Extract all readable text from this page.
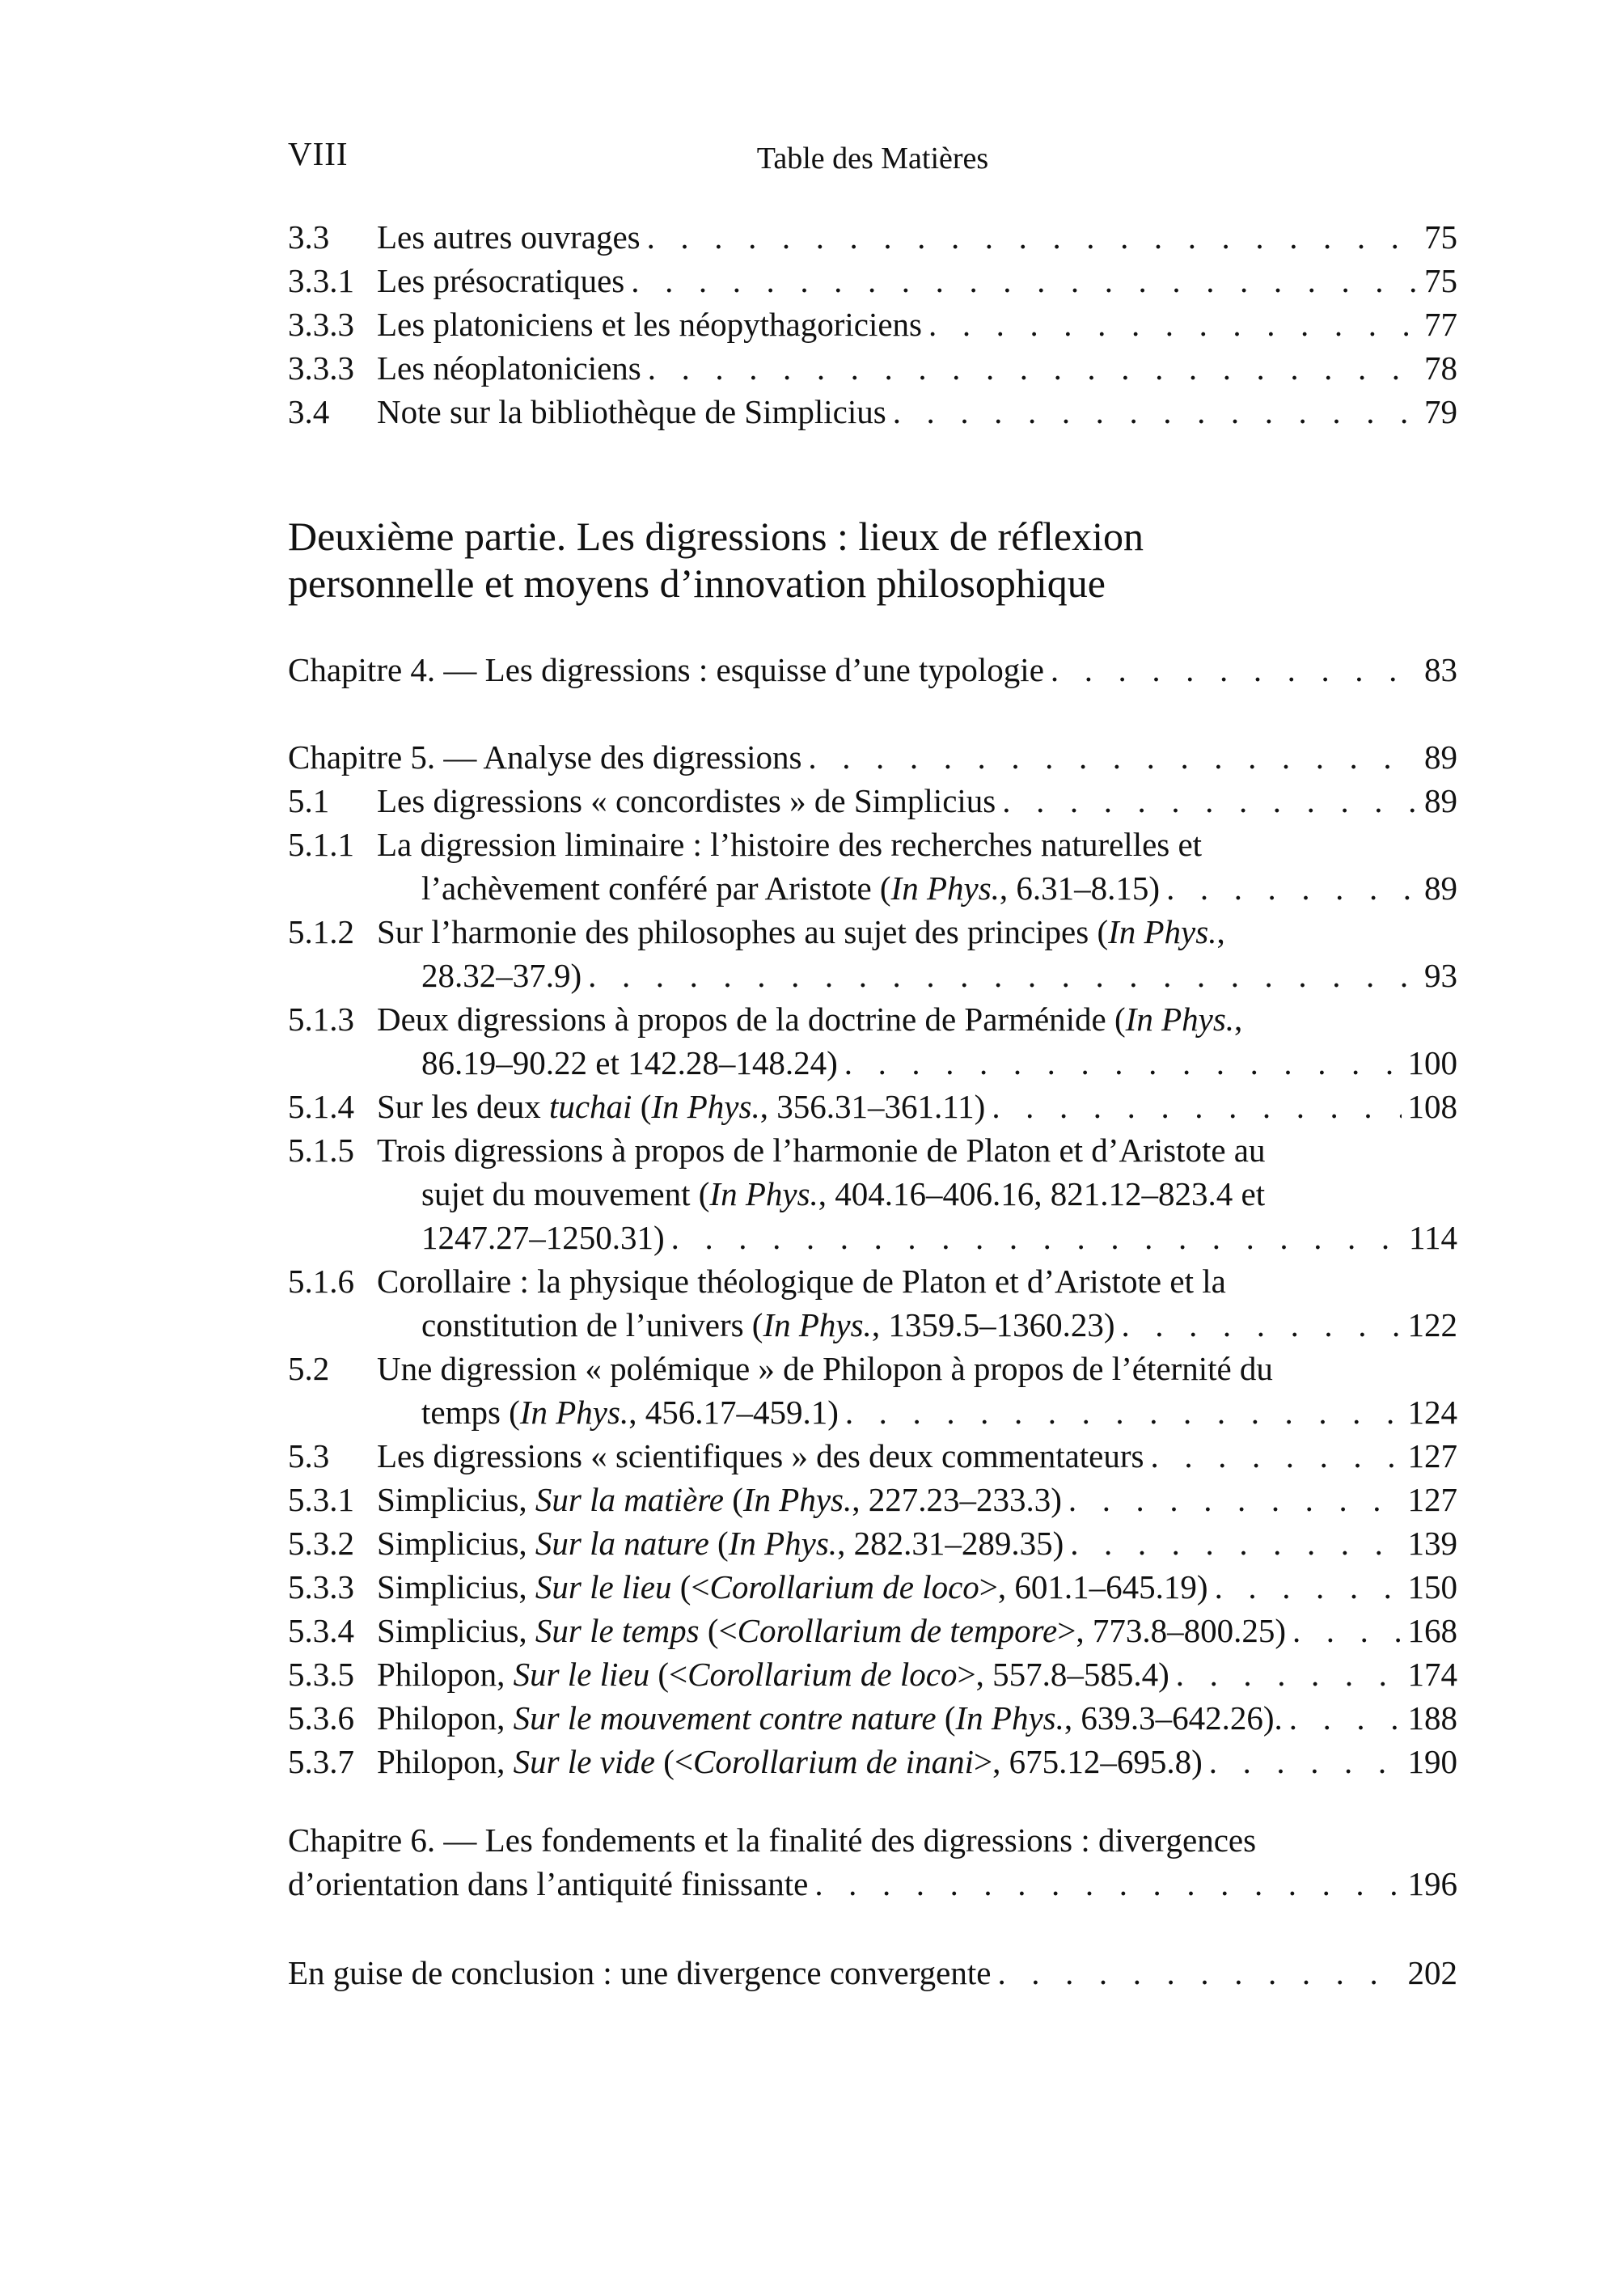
VIII	Table des Matières
3.3 Les autres ouvrages . . .	75
3.3.1 Les présocratiques . . .	75
3.3.3 Les platoniciens et les néopythagoriciens . . .	77
3.3.3 Les néoplatoniciens . . .	78
3.4 Note sur la bibliothèque de Simplicius . . .	79
Deuxième partie. Les digressions : lieux de réflexion
personnelle et moyens d’innovation philosophique
Chapitre 4. — Les digressions : esquisse d’une typologie . . .	83
Chapitre 5. — Analyse des digressions . . .	89
5.1 Les digressions « concordistes » de Simplicius . . .	89
5.1.1 La digression liminaire : l’histoire des recherches naturelles et
l’achèvement conféré par Aristote (In Phys., 6.31–8.15) . . .	89
5.1.2 Sur l’harmonie des philosophes au sujet des principes (In Phys.,
28.32–37.9) . . .	93
5.1.3 Deux digressions à propos de la doctrine de Parménide (In Phys.,
86.19–90.22 et 142.28–148.24) . . .	100
5.1.4 Sur les deux tuchai (In Phys., 356.31–361.11) . . .	108
5.1.5 Trois digressions à propos de l’harmonie de Platon et d’Aristote au
sujet du mouvement (In Phys., 404.16–406.16, 821.12–823.4 et
1247.27–1250.31) . . .	114
5.1.6 Corollaire : la physique théologique de Platon et d’Aristote et la
constitution de l’univers (In Phys., 1359.5–1360.23) . . .	122
5.2 Une digression « polémique » de Philopon à propos de l’éternité du
temps (In Phys., 456.17–459.1) . . .	124
5.3 Les digressions « scientifiques » des deux commentateurs . . .	127
5.3.1 Simplicius, Sur la matière (In Phys., 227.23–233.3) . . .	127
5.3.2 Simplicius, Sur la nature (In Phys., 282.31–289.35) . . .	139
5.3.3 Simplicius, Sur le lieu (<Corollarium de loco>, 601.1–645.19) . . .	150
5.3.4 Simplicius, Sur le temps (<Corollarium de tempore>, 773.8–800.25) . . .	168
5.3.5 Philopon, Sur le lieu (<Corollarium de loco>, 557.8–585.4) . . .	174
5.3.6 Philopon, Sur le mouvement contre nature (In Phys., 639.3–642.26). . . .	188
5.3.7 Philopon, Sur le vide (<Corollarium de inani>, 675.12–695.8) . . .	190
Chapitre 6. — Les fondements et la finalité des digressions : divergences
d’orientation dans l’antiquité finissante . . .	196
En guise de conclusion : une divergence convergente . . .	202
